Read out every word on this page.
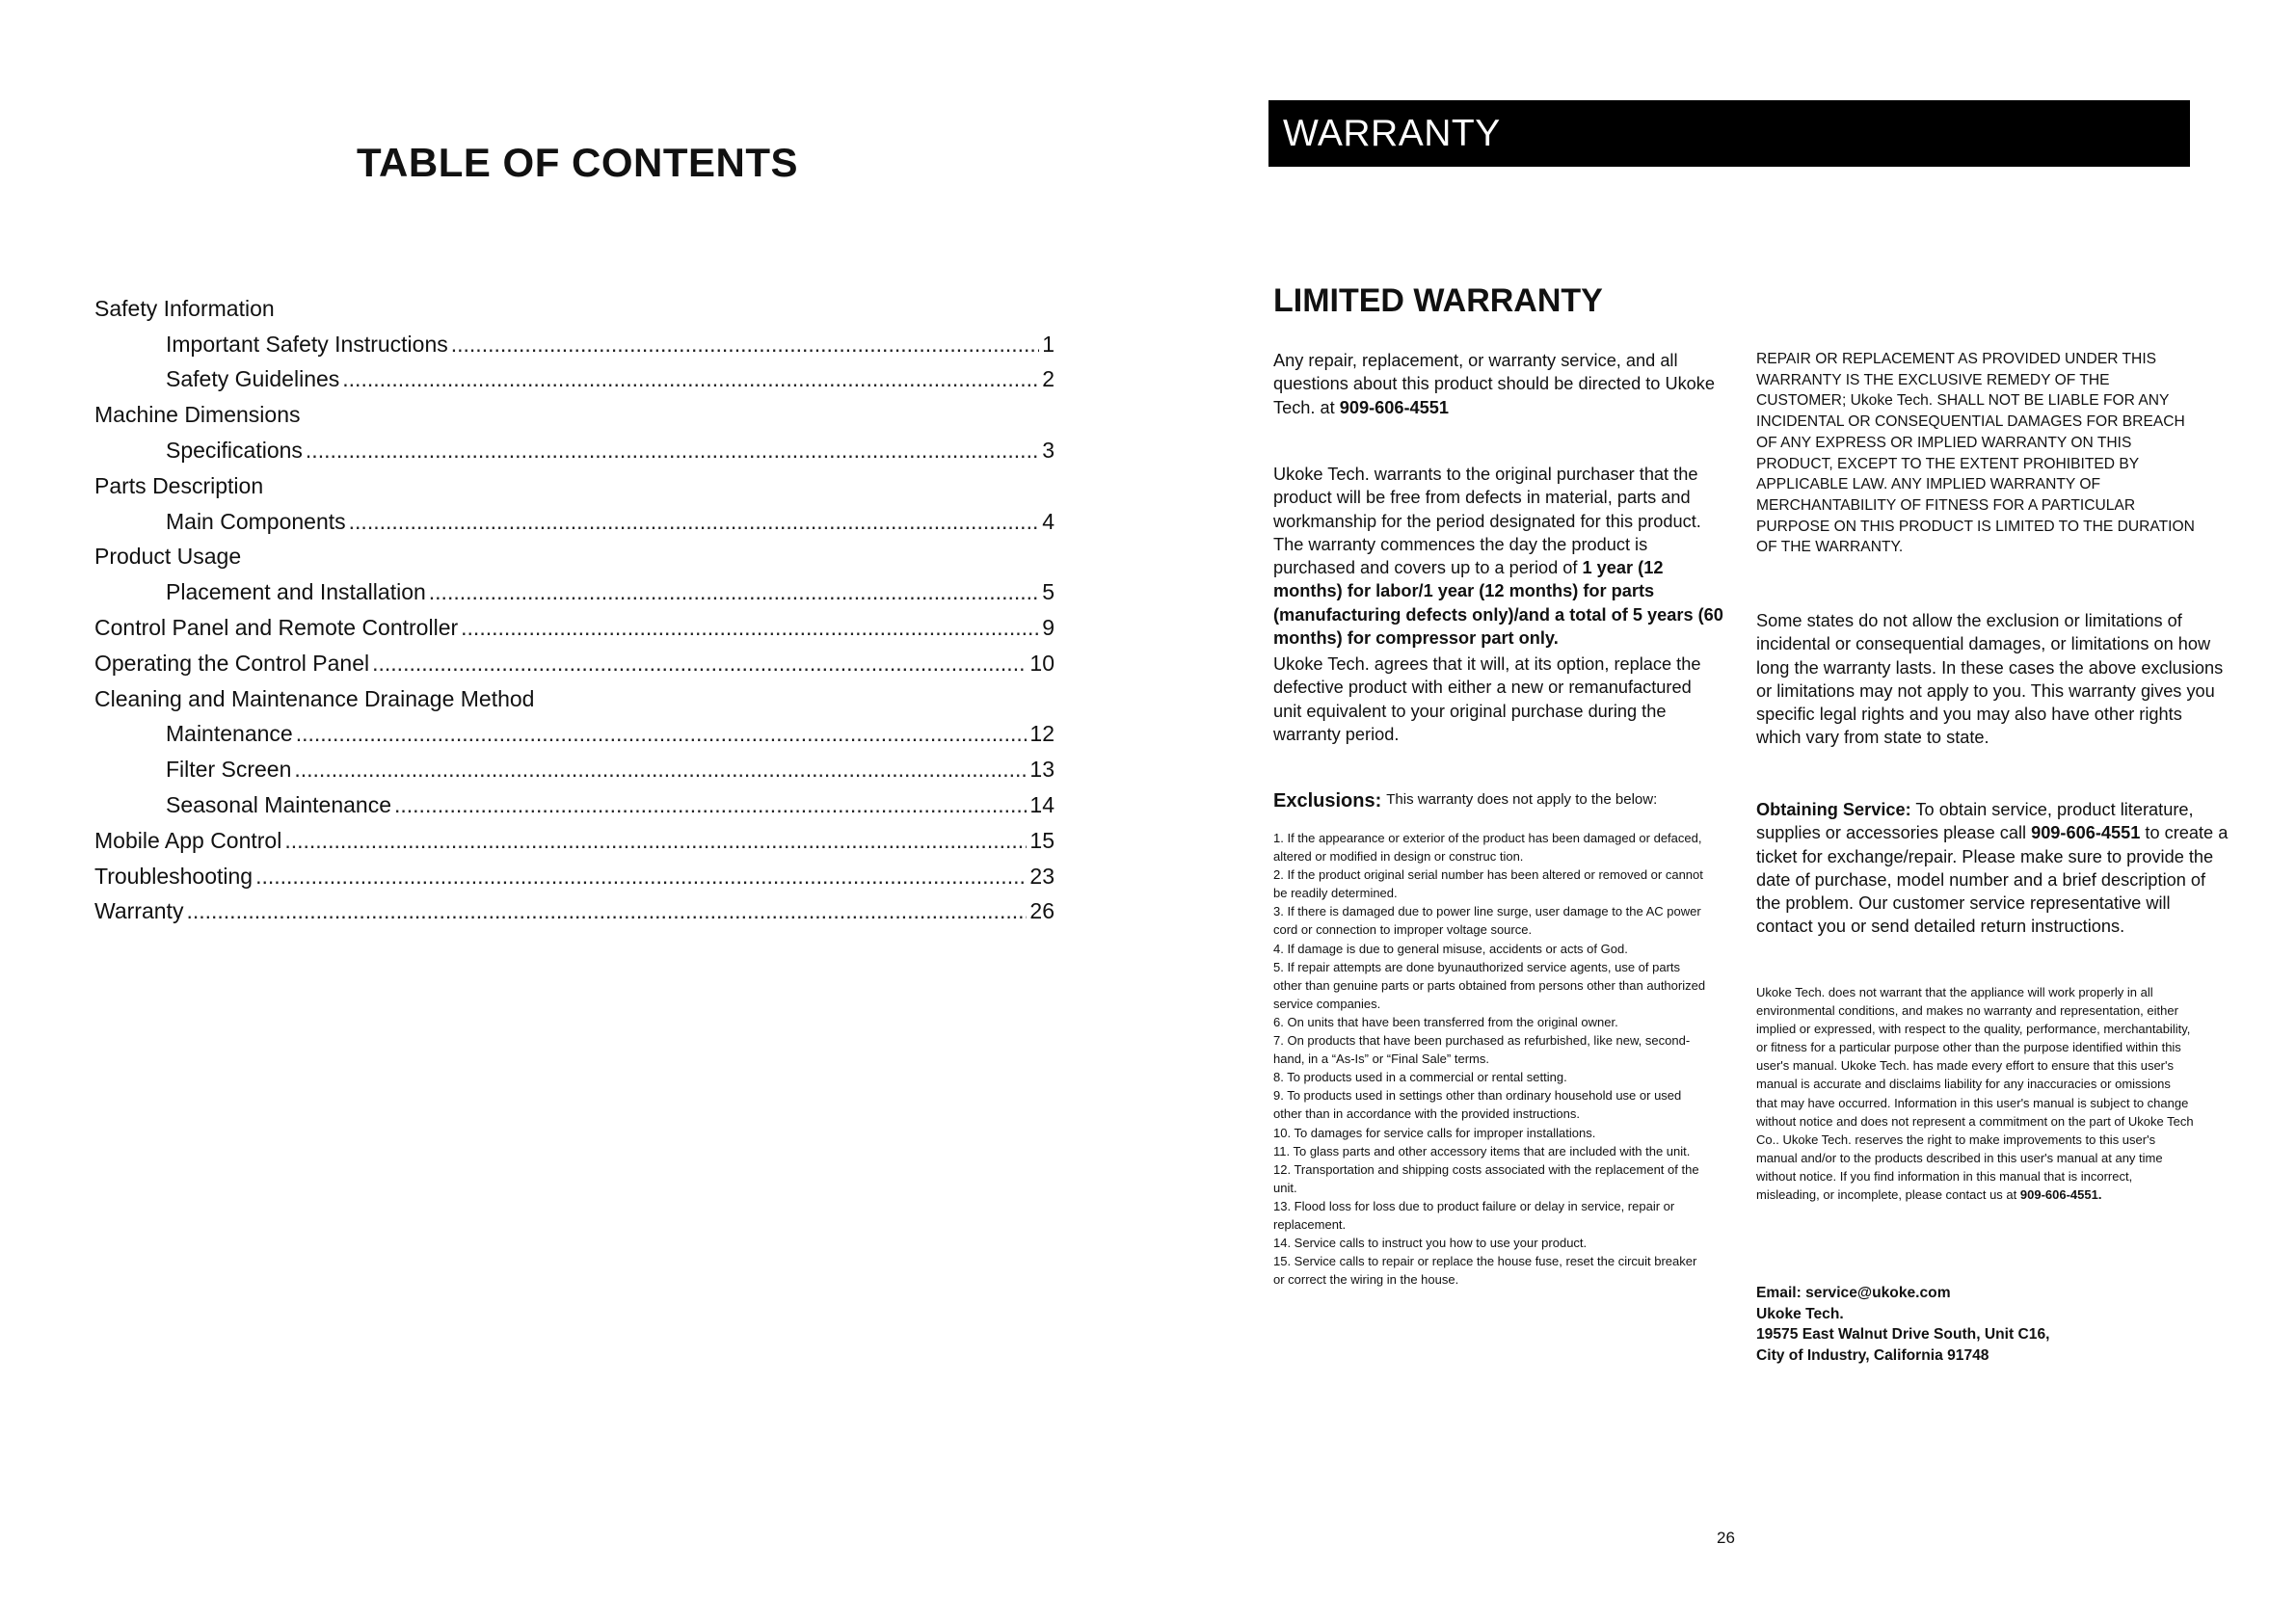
TABLE OF CONTENTS
Safety Information
Important Safety Instructions .....	1
Safety Guidelines .....	2
Machine Dimensions
Specifications .....	3
Parts Description
Main Components .....	4
Product Usage
Placement and Installation .....	5
Control Panel and Remote Controller .....	9
Operating the Control Panel .....	10
Cleaning and Maintenance Drainage Method
Maintenance .....	12
Filter Screen .....	13
Seasonal Maintenance .....	14
Mobile App Control .....	15
Troubleshooting .....	23
Warranty .....	26
WARRANTY
LIMITED WARRANTY
Any repair, replacement, or warranty service, and all questions about this product should be directed to Ukoke Tech. at 909-606-4551
Ukoke Tech. warrants to the original purchaser that the product will be free from defects in material, parts and workmanship for the period designated for this product. The warranty commences the day the product is purchased and covers up to a period of 1 year (12 months) for labor/1 year (12 months) for parts (manufacturing defects only)/and a total of 5 years (60 months) for compressor part only.
Ukoke Tech. agrees that it will, at its option, replace the defective product with either a new or remanufactured unit equivalent to your original purchase during the warranty period.
Exclusions: This warranty does not apply to the below:
1. If the appearance or exterior of the product has been damaged or defaced, altered or modified in design or construc tion.
2. If the product original serial number has been altered or removed or cannot be readily determined.
3. If there is damaged due to power line surge, user damage to the AC power cord or connection to improper voltage source.
4. If damage is due to general misuse, accidents or acts of God.
5. If repair attempts are done byunauthorized service agents, use of parts other than genuine parts or parts obtained from persons other than authorized service companies.
6. On units that have been transferred from the original owner.
7. On products that have been purchased as refurbished, like new, second-hand, in a “As-Is” or “Final Sale” terms.
8. To products used in a commercial or rental setting.
9. To products used in settings other than ordinary household use or used other than in accordance with the provided instructions.
10. To damages for service calls for improper installations.
11. To glass parts and other accessory items that are included with the unit.
12. Transportation and shipping costs associated with the replacement of the unit.
13. Flood loss for loss due to product failure or delay in service, repair or replacement.
14. Service calls to instruct you how to use your product.
15. Service calls to repair or replace the house fuse, reset the circuit breaker or correct the wiring in the house.
REPAIR OR REPLACEMENT AS PROVIDED UNDER THIS WARRANTY IS THE EXCLUSIVE REMEDY OF THE CUSTOMER; Ukoke Tech. SHALL NOT BE LIABLE FOR ANY INCIDENTAL OR CONSEQUENTIAL DAMAGES FOR BREACH OF ANY EXPRESS OR IMPLIED WARRANTY ON THIS PRODUCT, EXCEPT TO THE EXTENT PROHIBITED BY APPLICABLE LAW. ANY IMPLIED WARRANTY OF MERCHANTABILITY OF FITNESS FOR A PARTICULAR PURPOSE ON THIS PRODUCT IS LIMITED TO THE DURATION OF THE WARRANTY.
Some states do not allow the exclusion or limitations of incidental or consequential damages, or limitations on how long the warranty lasts. In these cases the above exclusions or limitations may not apply to you. This warranty gives you specific legal rights and you may also have other rights which vary from state to state.
Obtaining Service: To obtain service, product literature, supplies or accessories please call 909-606-4551 to create a ticket for exchange/repair. Please make sure to provide the date of purchase, model number and a brief description of the problem. Our customer service representative will contact you or send detailed return instructions.
Ukoke Tech. does not warrant that the appliance will work properly in all environmental conditions, and makes no warranty and representation, either implied or expressed, with respect to the quality, performance, merchantability, or fitness for a particular purpose other than the purpose identified within this user's manual. Ukoke Tech. has made every effort to ensure that this user's manual is accurate and disclaims liability for any inaccuracies or omissions that may have occurred. Information in this user's manual is subject to change without notice and does not represent a commitment on the part of Ukoke Tech Co.. Ukoke Tech. reserves the right to make improvements to this user's manual and/or to the products described in this user's manual at any time without notice. If you find information in this manual that is incorrect, misleading, or incomplete, please contact us at 909-606-4551.
Email: service@ukoke.com
Ukoke Tech.
19575 East Walnut Drive South, Unit C16,
City of Industry, California 91748
26
